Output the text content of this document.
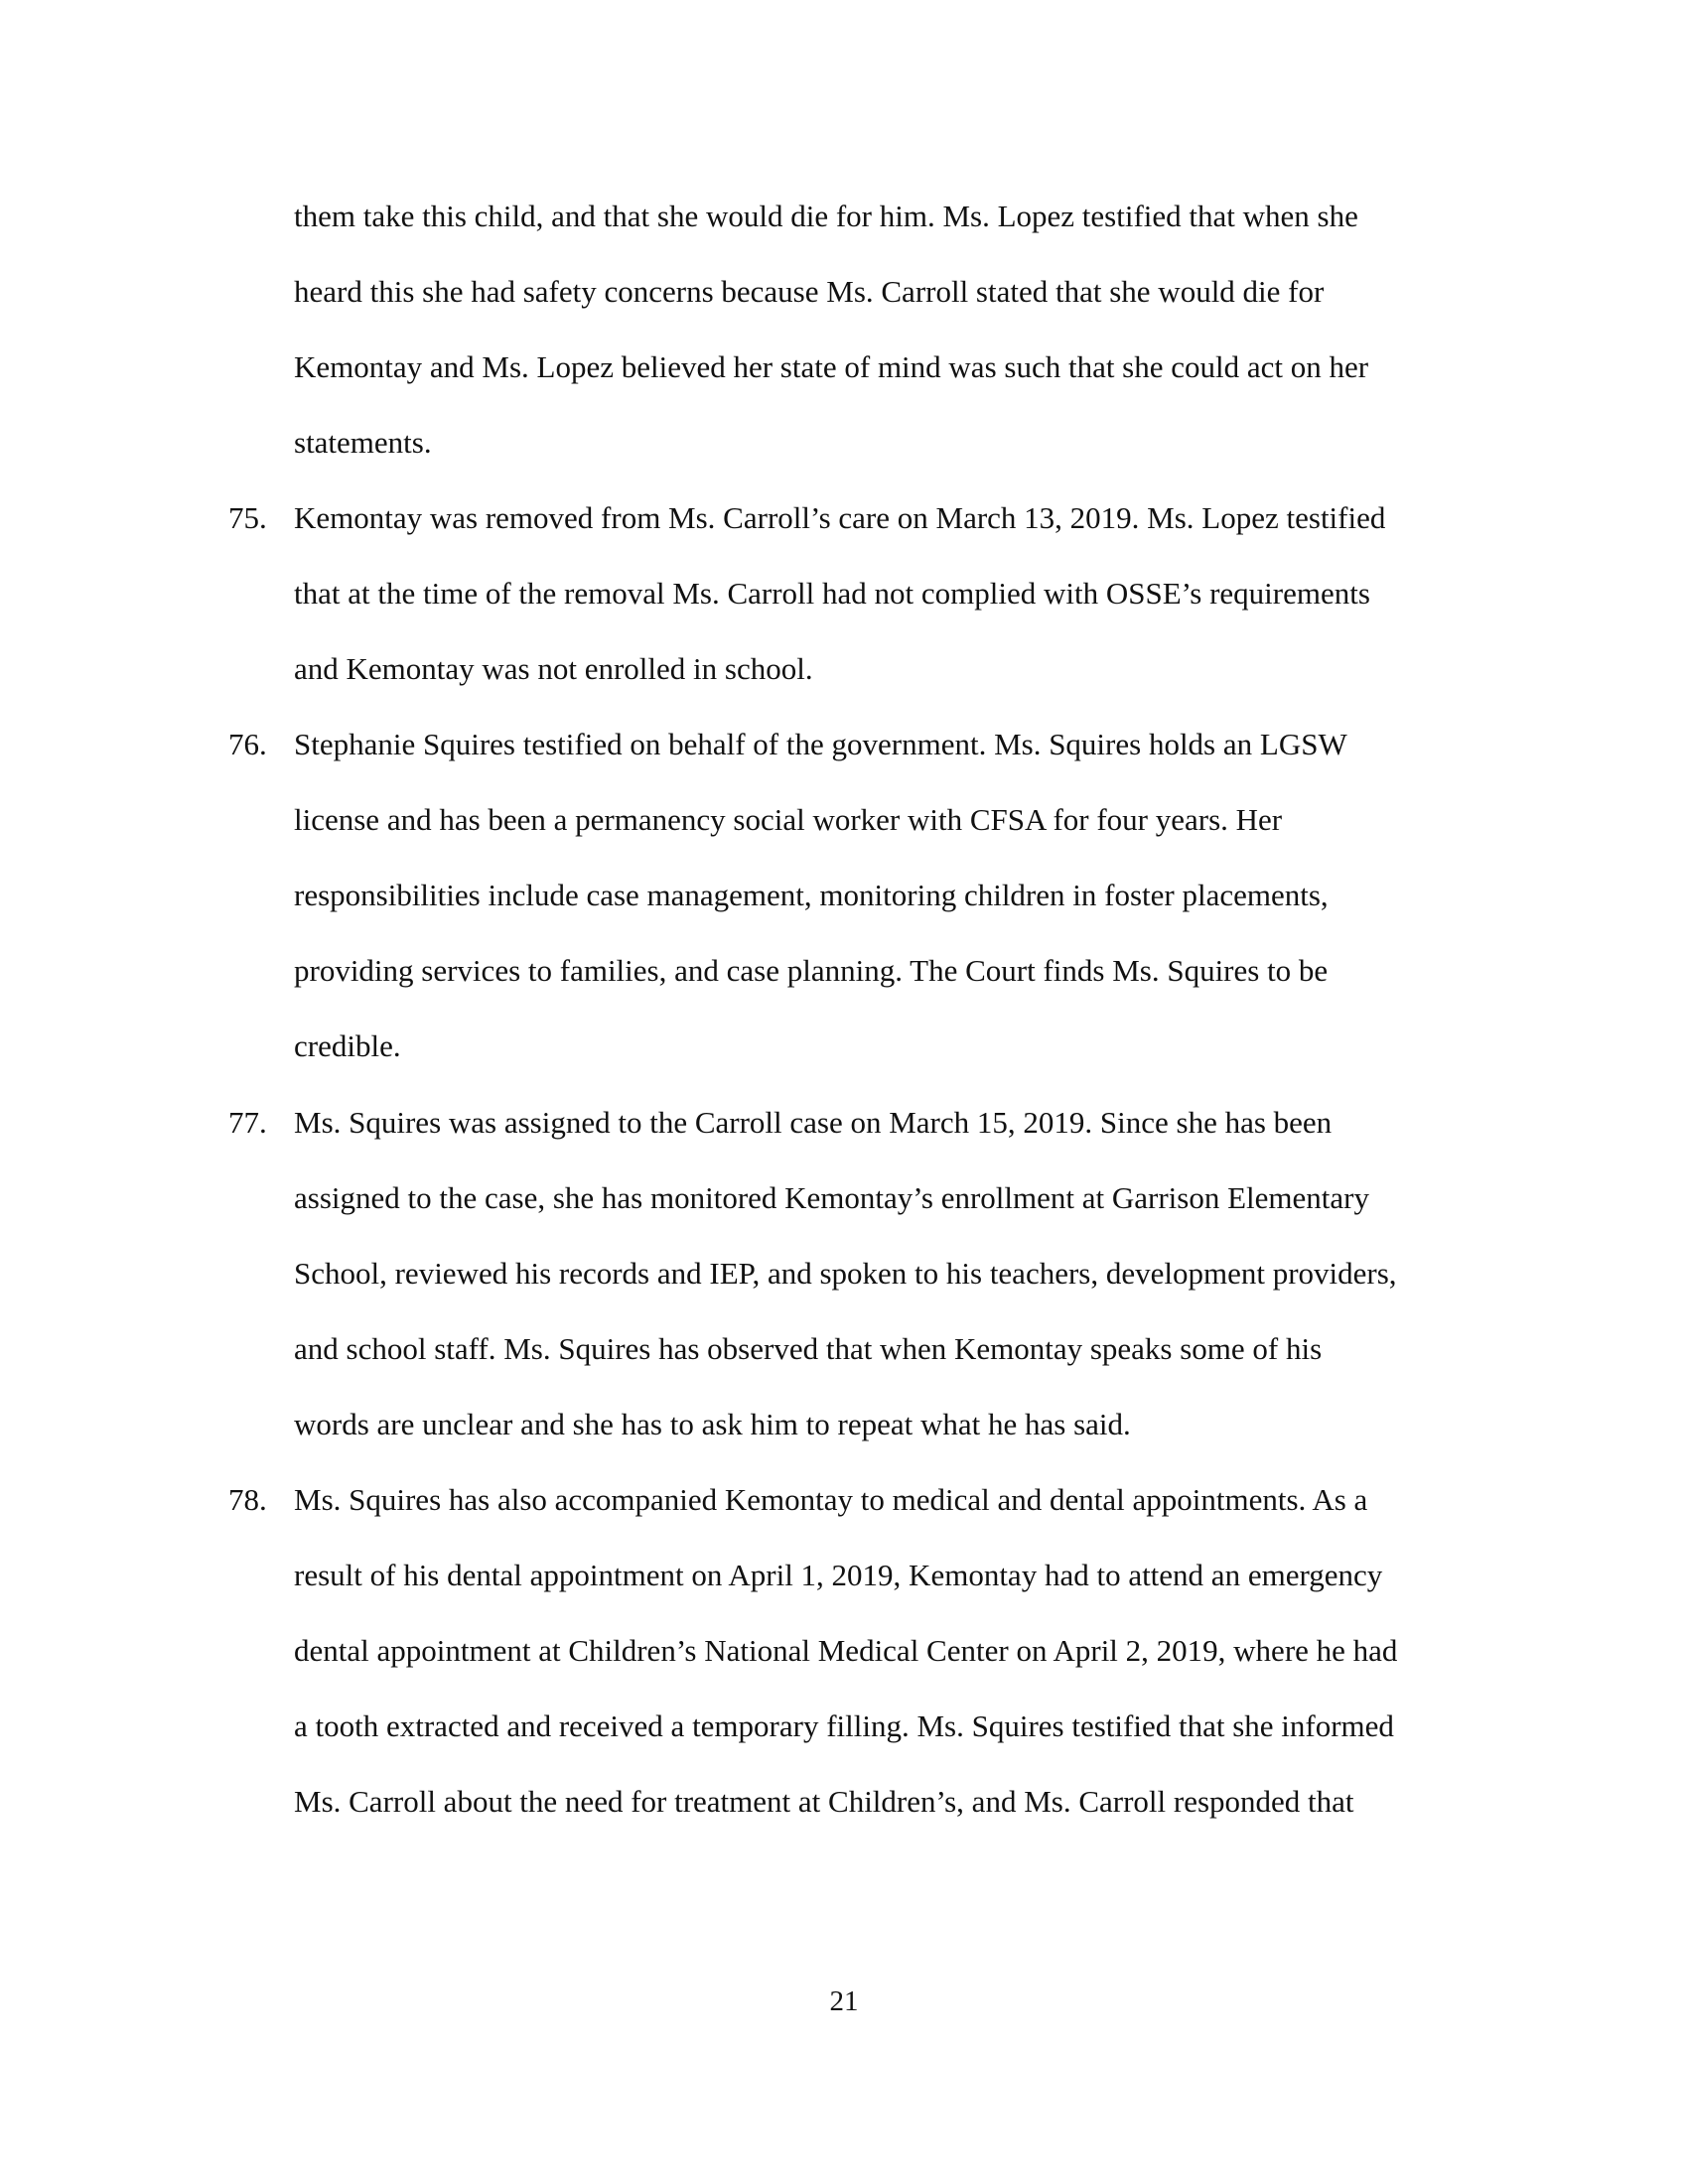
them take this child, and that she would die for him. Ms. Lopez testified that when she
heard this she had safety concerns because Ms. Carroll stated that she would die for
Kemontay and Ms. Lopez believed her state of mind was such that she could act on her
statements.
75. Kemontay was removed from Ms. Carroll’s care on March 13, 2019. Ms. Lopez testified
that at the time of the removal Ms. Carroll had not complied with OSSE’s requirements
and Kemontay was not enrolled in school.
76. Stephanie Squires testified on behalf of the government. Ms. Squires holds an LGSW
license and has been a permanency social worker with CFSA for four years. Her
responsibilities include case management, monitoring children in foster placements,
providing services to families, and case planning. The Court finds Ms. Squires to be
credible.
77. Ms. Squires was assigned to the Carroll case on March 15, 2019. Since she has been
assigned to the case, she has monitored Kemontay’s enrollment at Garrison Elementary
School, reviewed his records and IEP, and spoken to his teachers, development providers,
and school staff. Ms. Squires has observed that when Kemontay speaks some of his
words are unclear and she has to ask him to repeat what he has said.
78. Ms. Squires has also accompanied Kemontay to medical and dental appointments. As a
result of his dental appointment on April 1, 2019, Kemontay had to attend an emergency
dental appointment at Children’s National Medical Center on April 2, 2019, where he had
a tooth extracted and received a temporary filling. Ms. Squires testified that she informed
Ms. Carroll about the need for treatment at Children’s, and Ms. Carroll responded that
21
